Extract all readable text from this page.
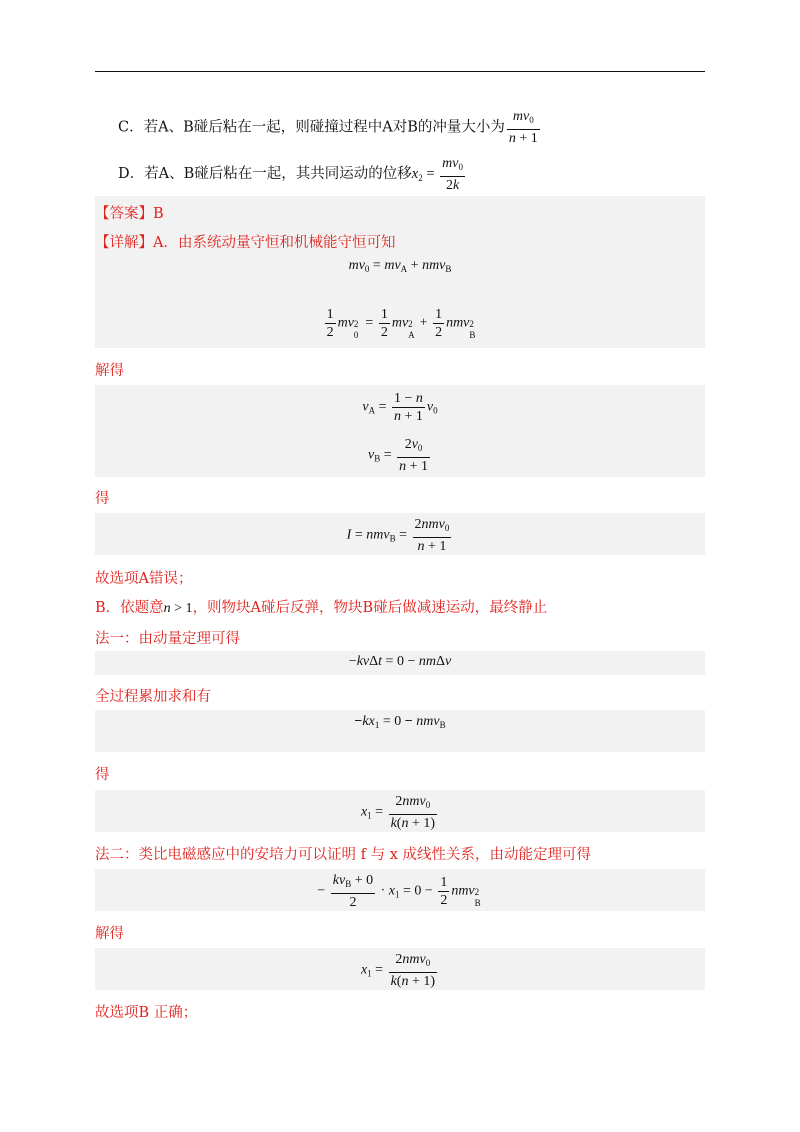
C．若A、B碰后粘在一起，则碰撞过程中A对B的冲量大小为 $\frac{mv_0}{n + 1}$
D．若A、B碰后粘在一起，其共同运动的位移$x_2 = \frac{mv_0}{2k}$
【答案】B
【详解】A．由系统动量守恒和机械能守恒可知
$mv_0 = mv_A + nmv_B$
$\frac{1}{2}$ mv 2
0
= $\frac{1}{2}$ mv 2
A
+ $\frac{1}{2}$ nmv 2
B
解得
$v_A = \frac{1 - n}{n + 1} v_0$
$v_B = \frac{2v_0}{n + 1}$
得
$I = nmv_B = \frac{2nmv_0}{n + 1}$
故选项A错误；
B．依题意n > 1，则物块A碰后反弹，物块B碰后做减速运动，最终静止
法一：由动量定理可得
−kvΔt = 0 − nmΔv
全过程累加求和有
$-kx_1 = 0 - nmv_B$
得
$x_1 = \frac{2nmv_0}{k(n + 1)}$
法二：类比电磁感应中的安培力可以证明 f 与 x 成线性关系，由动能定理可得
− $\frac{kv_B + 0}{2} \cdot x_1 = 0 - \frac{1}{2}$ nmv 2
B
解得
$x_1 = \frac{2nmv_0}{k(n + 1)}$
故选项B 正确；
